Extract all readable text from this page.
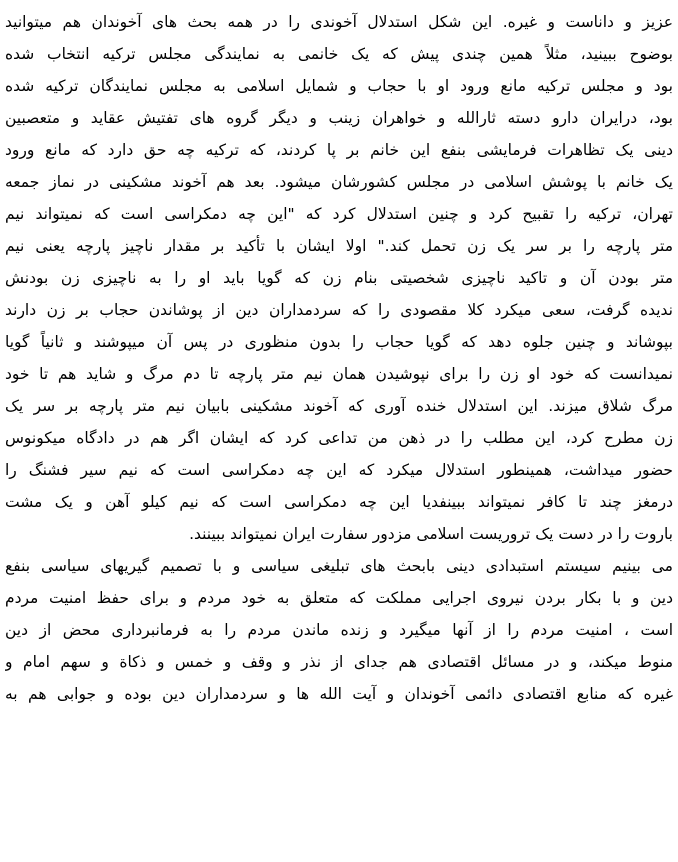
عزیز و داناست و غیره. این شکل استدلال آخوندی را در همه بحث های آخوندان هم میتوانید
بوضوح ببینید، مثلاً همین چندی پیش که یک خانمی به نمایندگی مجلس ترکیه انتخاب شده
بود و مجلس ترکیه مانع ورود او با حجاب و شمایل اسلامی به مجلس نمایندگان ترکیه شده
بود، درایران دارو دسته ثارالله و خواهران زینب و دیگر گروه های تفتیش عقاید و متعصبین
دینی یک تظاهرات فرمایشی بنفع این خانم بر پا کردند، که ترکیه چه حق دارد که مانع ورود
یک خانم با پوشش اسلامی در مجلس کشورشان میشود. بعد هم آخوند مشکینی در نماز جمعه
تهران، ترکیه را تقبیح کرد و چنین استدلال کرد که "این چه دمکراسی است که نمیتواند نیم
متر پارچه را بر سر یک زن تحمل کند." اولا ایشان با تأکید بر مقدار ناچیز پارچه یعنی نیم
متر بودن آن و تاکید ناچیزی شخصیتی بنام زن که گویا باید او را به ناچیزی زن بودنش
ندیده گرفت، سعی میکرد کلا مقصودی را که سردمداران دین از پوشاندن حجاب بر زن دارند
بپوشاند و چنین جلوه دهد که گویا حجاب را بدون منظوری در پس آن میپوشند و ثانیاً گویا
نمیدانست که خود او زن را برای نپوشیدن همان نیم متر پارچه تا دم مرگ و شاید هم تا خود
مرگ شلاق میزند. این استدلال خنده آوری که آخوند مشکینی بابیان نیم متر پارچه بر سر یک
زن مطرح کرد، این مطلب را در ذهن من تداعی کرد که ایشان اگر هم در دادگاه میکونوس
حضور میداشت، همینطور استدلال میکرد که این چه دمکراسی است که نیم سیر فشنگ را
درمغز چند تا کافر نمیتواند ببینفدیا این چه دمکراسی است که نیم کیلو آهن و یک مشت
باروت را در دست یک تروریست اسلامی مزدور سفارت ایران نمیتواند ببینند.
می بینیم سیستم استبدادی دینی بابحث های تبلیغی سیاسی و با تصمیم گیریهای سیاسی بنفع
دین و با بکار بردن نیروی اجرایی مملکت که متعلق به خود مردم و برای حفظ امنیت مردم
است ، امنیت مردم را از آنها میگیرد و زنده ماندن مردم را به فرمانبرداری محض از دین
منوط میکند، و در مسائل اقتصادی هم جدای از نذر و وقف و خمس و ذکاة و سهم امام و
غیره که منابع اقتصادی دائمی آخوندان و آیت الله ها و سردمداران دین بوده و جوابی هم به
